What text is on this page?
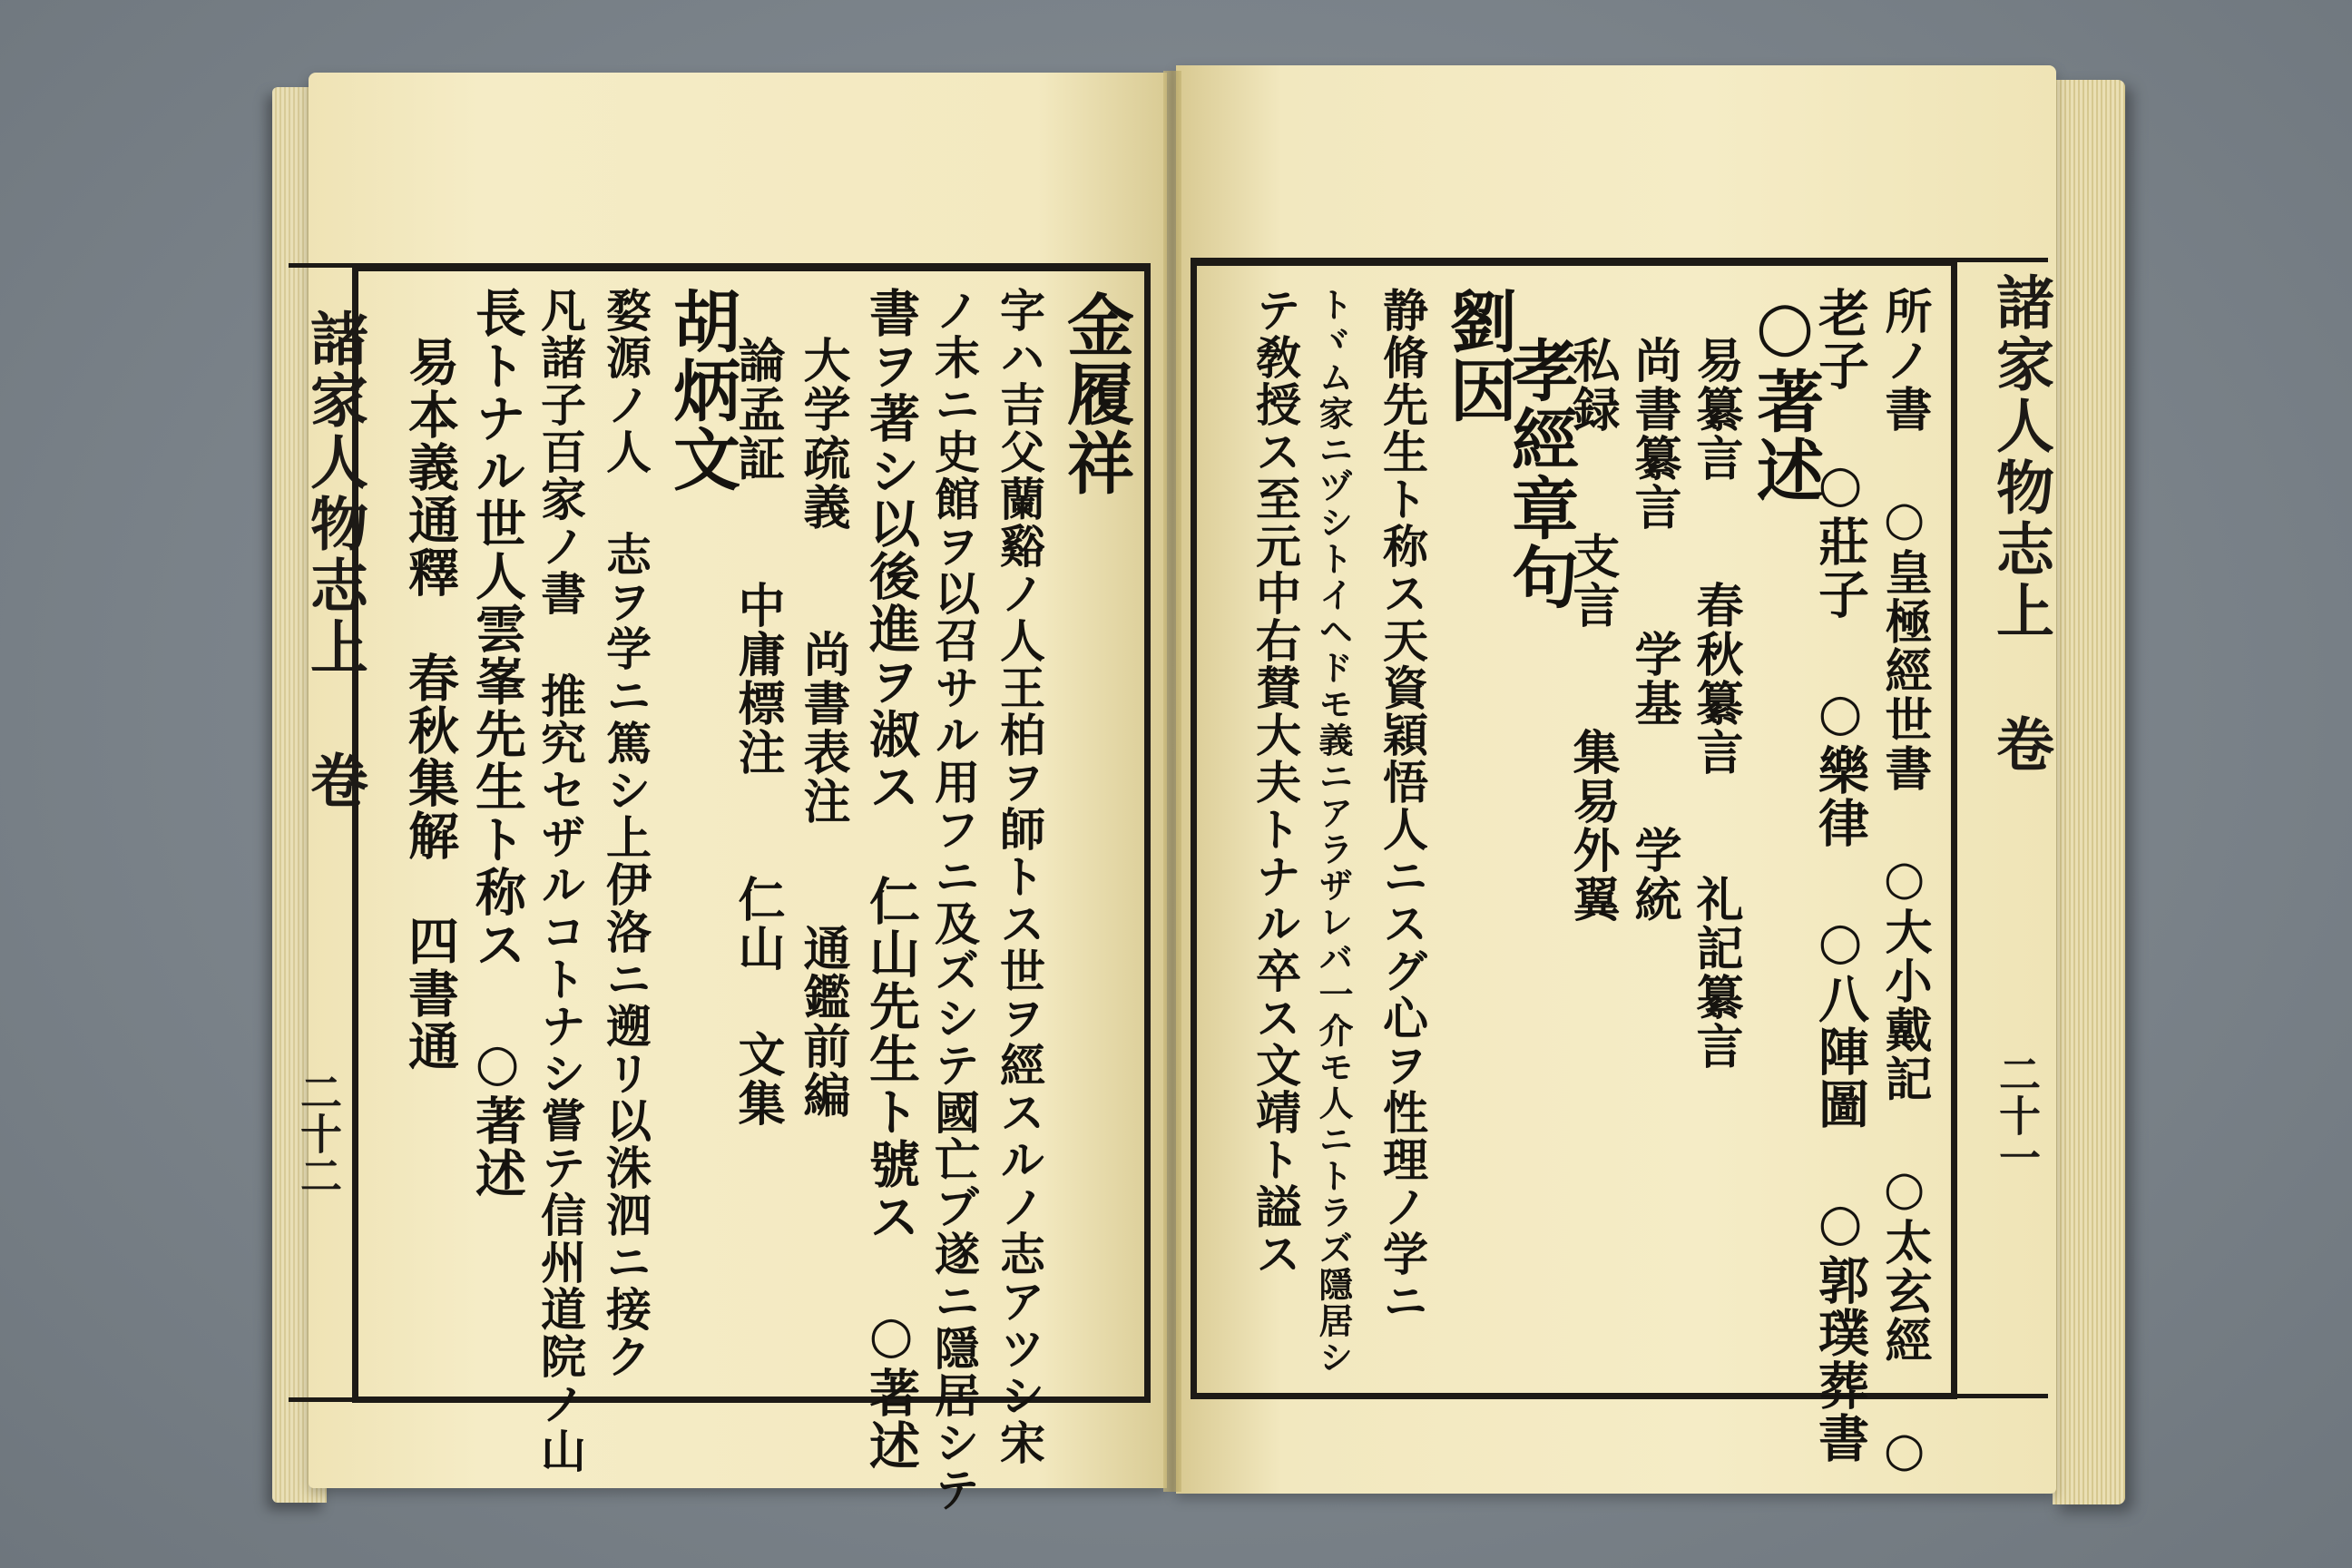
諸家人物志上 卷
二十二
金履祥
字ハ吉父蘭谿ノ人王柏ヲ師トス世ヲ經スルノ志アツシ宋
ノ末ニ史館ヲ以召サル用フニ及ズシテ國亡ブ遂ニ隱居シテ
書ヲ著シ以後進ヲ淑ス 仁山先生ト號ス ○著述
大学疏義　　尚書表注　　通鑑前編
論孟証　　中庸標注　　仁山 文集
胡炳文
婺源ノ人 志ヲ学ニ篤シ上伊洛ニ遡リ以洙泗ニ接ク
凡諸子百家ノ書 推究セザルコトナシ嘗テ信州道院ノ山
長トナル世人雲峯先生ト称ス ○著述
易本義通釋　春秋集解　四書通	諸家人物志上 卷
二十一
所ノ書 ○皇極經世書 ○大小戴記 ○太玄經 ○
老子 ○莊子 ○樂律 ○八陣圖 ○郭璞葬書
○著述
易纂言　　春秋纂言　　礼記纂言
尚書纂言　　学基　　学統
私録　　支言　　集易外翼
孝經章句
劉因
静脩先生ト称ス天資穎悟人ニスグ心ヲ性理ノ学ニ
トヾム家ニヅシトイヘドモ義ニアラザレバ一介モ人ニトラズ隱居シ
テ敎授ス至元中右賛大夫トナル卒ス文靖ト謚ス
